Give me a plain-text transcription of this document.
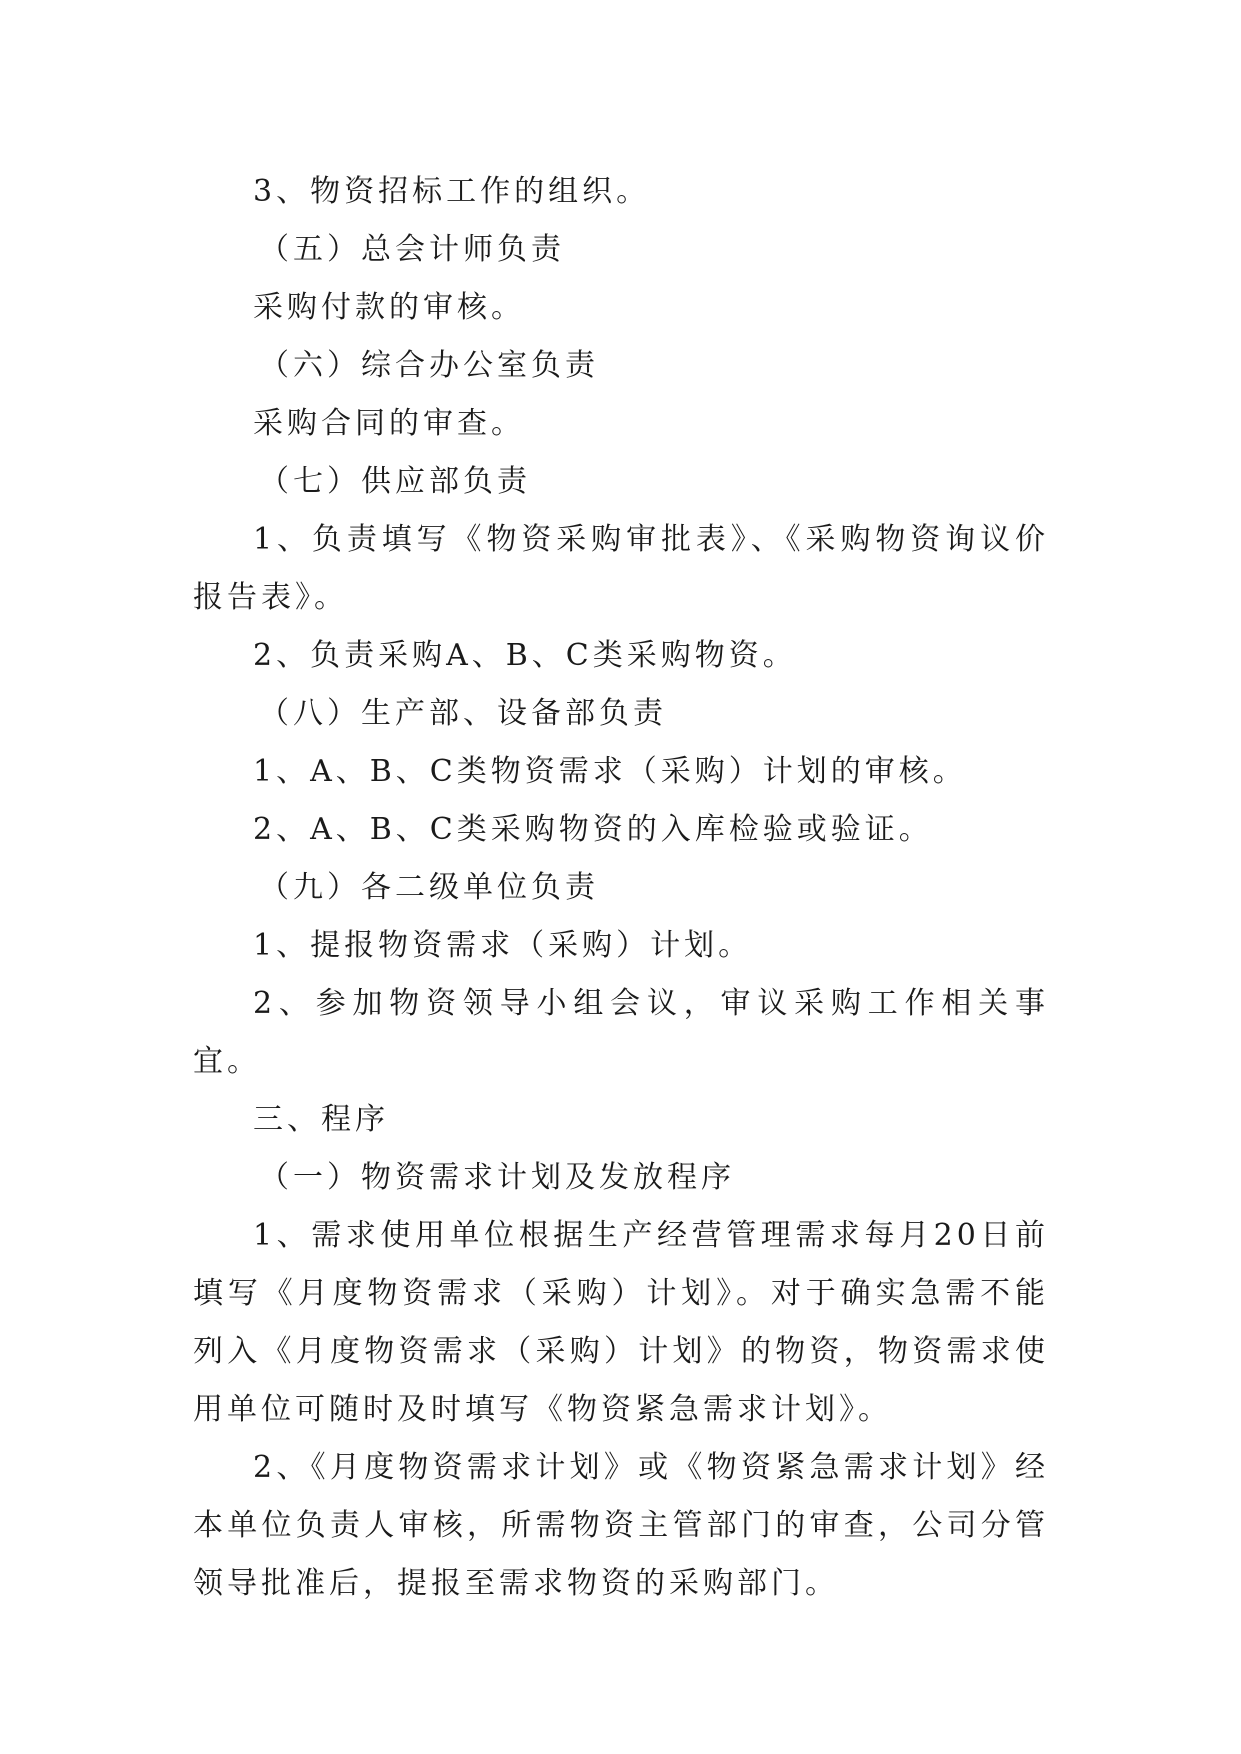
3、物资招标工作的组织。

（五）总会计师负责

采购付款的审核。

（六）综合办公室负责

采购合同的审查。

（七）供应部负责

1、负责填写《物资采购审批表》、《采购物资询议价报告表》。

2、负责采购A、B、C类采购物资。

（八）生产部、设备部负责

1、A、B、C类物资需求（采购）计划的审核。

2、A、B、C类采购物资的入库检验或验证。

（九）各二级单位负责

1、提报物资需求（采购）计划。

2、参加物资领导小组会议，审议采购工作相关事宜。

三、程序

（一）物资需求计划及发放程序

1、需求使用单位根据生产经营管理需求每月20日前填写《月度物资需求（采购）计划》。对于确实急需不能列入《月度物资需求（采购）计划》的物资，物资需求使用单位可随时及时填写《物资紧急需求计划》。

2、《月度物资需求计划》或《物资紧急需求计划》经本单位负责人审核，所需物资主管部门的审查，公司分管领导批准后，提报至需求物资的采购部门。
